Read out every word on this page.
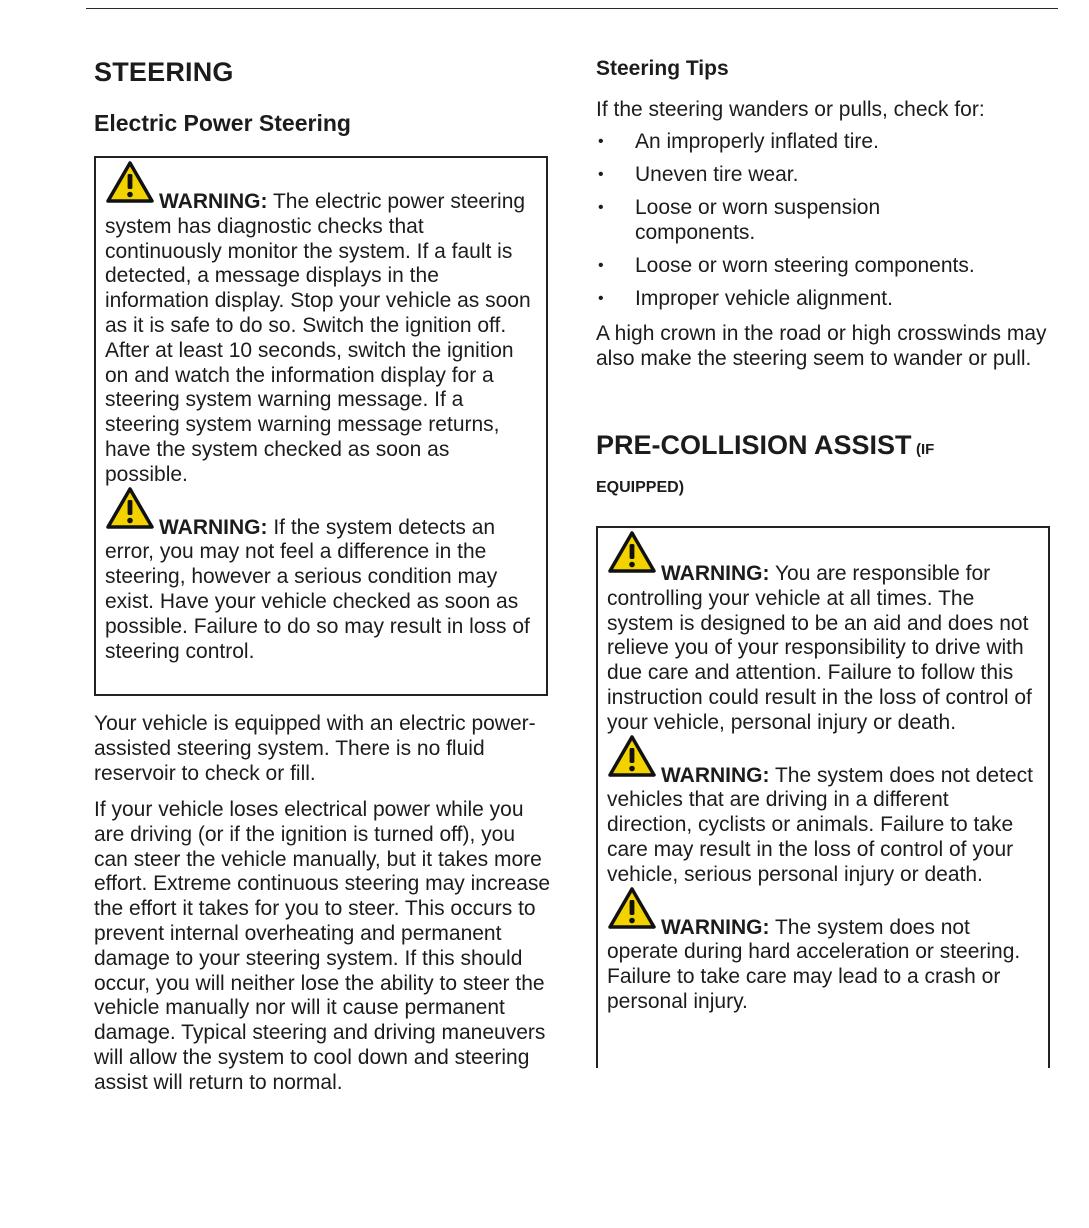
STEERING
Electric Power Steering
WARNING: The electric power steering system has diagnostic checks that continuously monitor the system. If a fault is detected, a message displays in the information display. Stop your vehicle as soon as it is safe to do so. Switch the ignition off. After at least 10 seconds, switch the ignition on and watch the information display for a steering system warning message. If a steering system warning message returns, have the system checked as soon as possible.
WARNING: If the system detects an error, you may not feel a difference in the steering, however a serious condition may exist. Have your vehicle checked as soon as possible. Failure to do so may result in loss of steering control.

Your vehicle is equipped with an electric power-assisted steering system. There is no fluid reservoir to check or fill.

If your vehicle loses electrical power while you are driving (or if the ignition is turned off), you can steer the vehicle manually, but it takes more effort. Extreme continuous steering may increase the effort it takes for you to steer. This occurs to prevent internal overheating and permanent damage to your steering system. If this should occur, you will neither lose the ability to steer the vehicle manually nor will it cause permanent damage. Typical steering and driving maneuvers will allow the system to cool down and steering assist will return to normal.

Steering Tips

If the steering wanders or pulls, check for:

• An improperly inflated tire.
• Uneven tire wear.
• Loose or worn suspension components.
• Loose or worn steering components.
• Improper vehicle alignment.

A high crown in the road or high crosswinds may also make the steering seem to wander or pull.

PRE-COLLISION ASSIST (IF
EQUIPPED)
WARNING: You are responsible for controlling your vehicle at all times. The system is designed to be an aid and does not relieve you of your responsibility to drive with due care and attention. Failure to follow this instruction could result in the loss of control of your vehicle, personal injury or death.
WARNING: The system does not detect vehicles that are driving in a different direction, cyclists or animals. Failure to take care may result in the loss of control of your vehicle, serious personal injury or death.
WARNING: The system does not operate during hard acceleration or steering. Failure to take care may lead to a crash or personal injury.
